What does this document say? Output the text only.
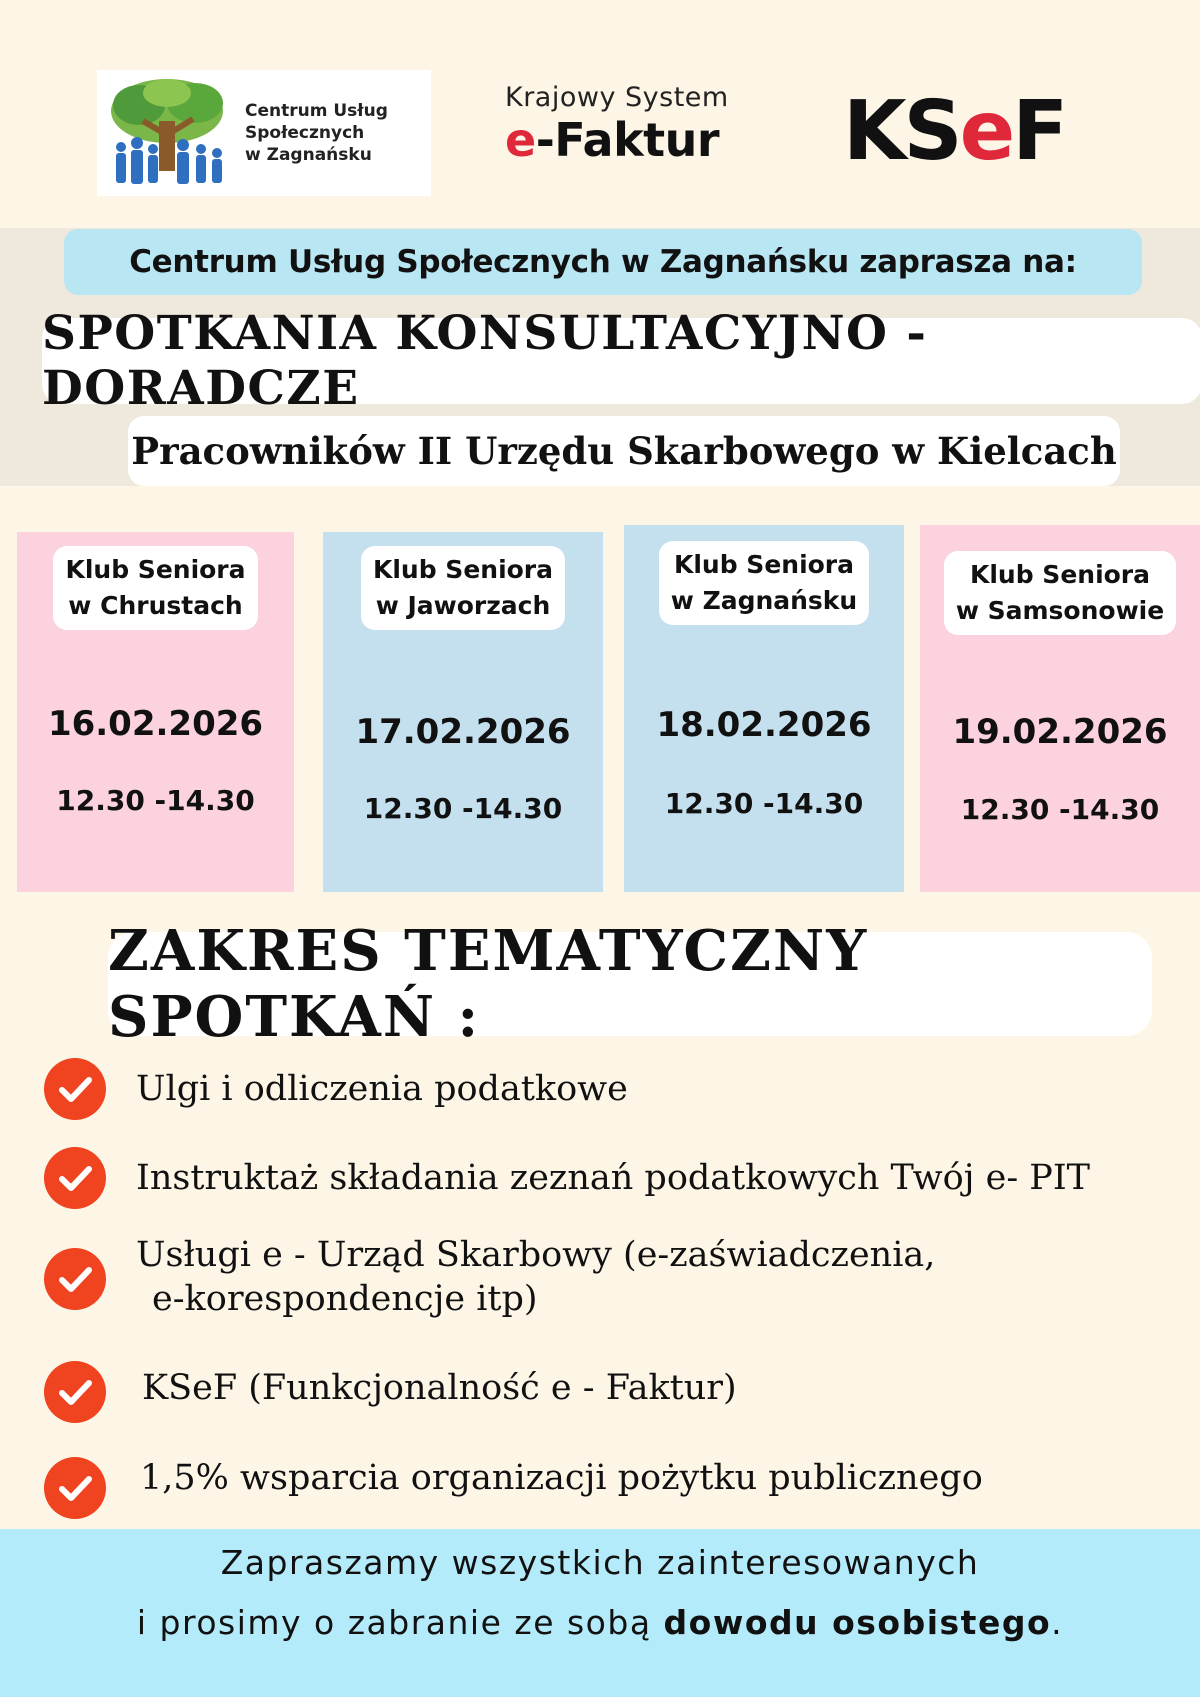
Centrum Usług
Społecznych
w Zagnańsku
Krajowy System
e-Faktur KSeF
Centrum Usług Społecznych w Zagnańsku zaprasza na:
SPOTKANIA KONSULTACYJNO - DORADCZE
Pracowników II Urzędu Skarbowego w Kielcach
Klub Seniora
w Chrustach
16.02.2026
12.30 -14.30
Klub Seniora
w Jaworzach
17.02.2026
12.30 -14.30
Klub Seniora
w Zagnańsku
18.02.2026
12.30 -14.30
Klub Seniora
w Samsonowie
19.02.2026
12.30 -14.30
ZAKRES TEMATYCZNY SPOTKAŃ :
Ulgi i odliczenia podatkowe
Instruktaż składania zeznań podatkowych Twój e- PIT
Usługi e - Urząd Skarbowy (e-zaświadczenia,
e-korespondencje itp)
KSeF (Funkcjonalność e - Faktur)
1,5% wsparcia organizacji pożytku publicznego
Zapraszamy wszystkich zainteresowanych
i prosimy o zabranie ze sobą dowodu osobistego.
